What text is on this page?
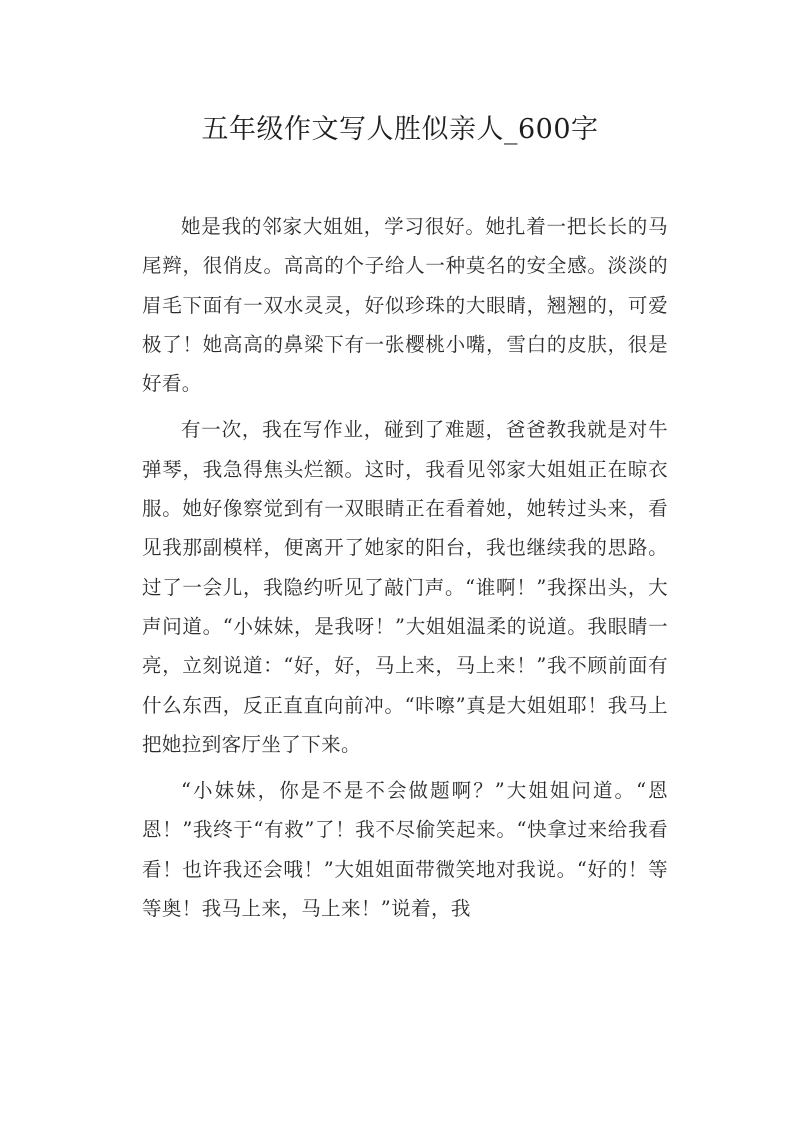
五年级作文写人胜似亲人_600字

她是我的邻家大姐姐，学习很好。她扎着一把长长的马尾辫，很俏皮。高高的个子给人一种莫名的安全感。淡淡的眉毛下面有一双水灵灵，好似珍珠的大眼睛，翘翘的，可爱极了！她高高的鼻梁下有一张樱桃小嘴，雪白的皮肤，很是好看。

有一次，我在写作业，碰到了难题，爸爸教我就是对牛弹琴，我急得焦头烂额。这时，我看见邻家大姐姐正在晾衣服。她好像察觉到有一双眼睛正在看着她，她转过头来，看见我那副模样，便离开了她家的阳台，我也继续我的思路。过了一会儿，我隐约听见了敲门声。“谁啊！”我探出头，大声问道。“小妹妹，是我呀！”大姐姐温柔的说道。我眼睛一亮，立刻说道：“好，好，马上来，马上来！”我不顾前面有什么东西，反正直直向前冲。“咔嚓”真是大姐姐耶！我马上把她拉到客厅坐了下来。

“小妹妹，你是不是不会做题啊？”大姐姐问道。“恩恩！”我终于“有救”了！我不尽偷笑起来。“快拿过来给我看看！也许我还会哦！”大姐姐面带微笑地对我说。“好的！等等奥！我马上来，马上来！”说着，我
